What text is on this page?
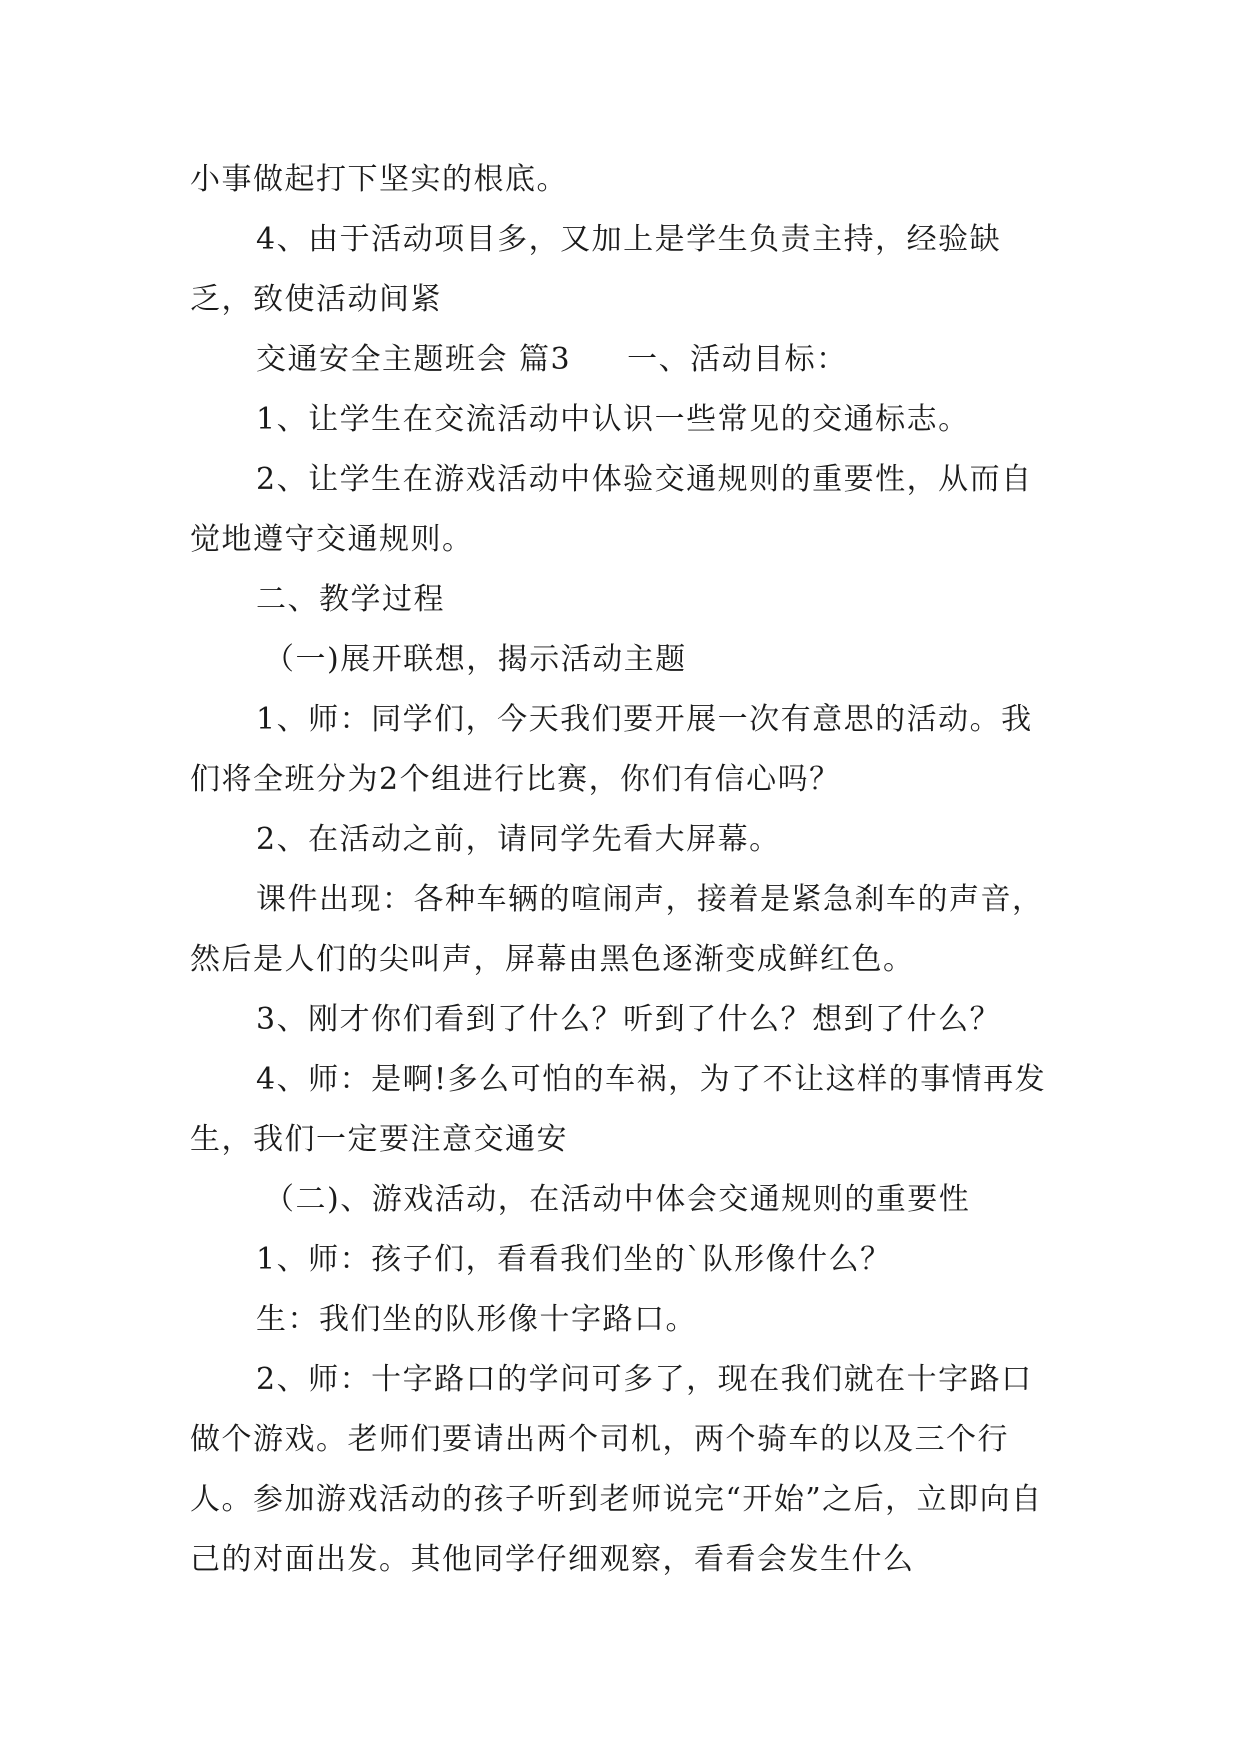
小事做起打下坚实的根底。

4、由于活动项目多，又加上是学生负责主持，经验缺乏，致使活动间紧

交通安全主题班会 篇3 一、活动目标：

1、让学生在交流活动中认识一些常见的交通标志。

2、让学生在游戏活动中体验交通规则的重要性，从而自觉地遵守交通规则。

二、教学过程

（一)展开联想，揭示活动主题

1、师：同学们，今天我们要开展一次有意思的活动。我们将全班分为2个组进行比赛，你们有信心吗？

2、在活动之前，请同学先看大屏幕。

课件出现：各种车辆的喧闹声，接着是紧急刹车的声音，然后是人们的尖叫声，屏幕由黑色逐渐变成鲜红色。

3、刚才你们看到了什么？听到了什么？想到了什么？

4、师：是啊!多么可怕的车祸，为了不让这样的事情再发生，我们一定要注意交通安

（二)、游戏活动，在活动中体会交通规则的重要性

1、师：孩子们，看看我们坐的`队形像什么？

生：我们坐的队形像十字路口。

2、师：十字路口的学问可多了，现在我们就在十字路口做个游戏。老师们要请出两个司机，两个骑车的以及三个行人。参加游戏活动的孩子听到老师说完“开始”之后，立即向自己的对面出发。其他同学仔细观察，看看会发生什么
